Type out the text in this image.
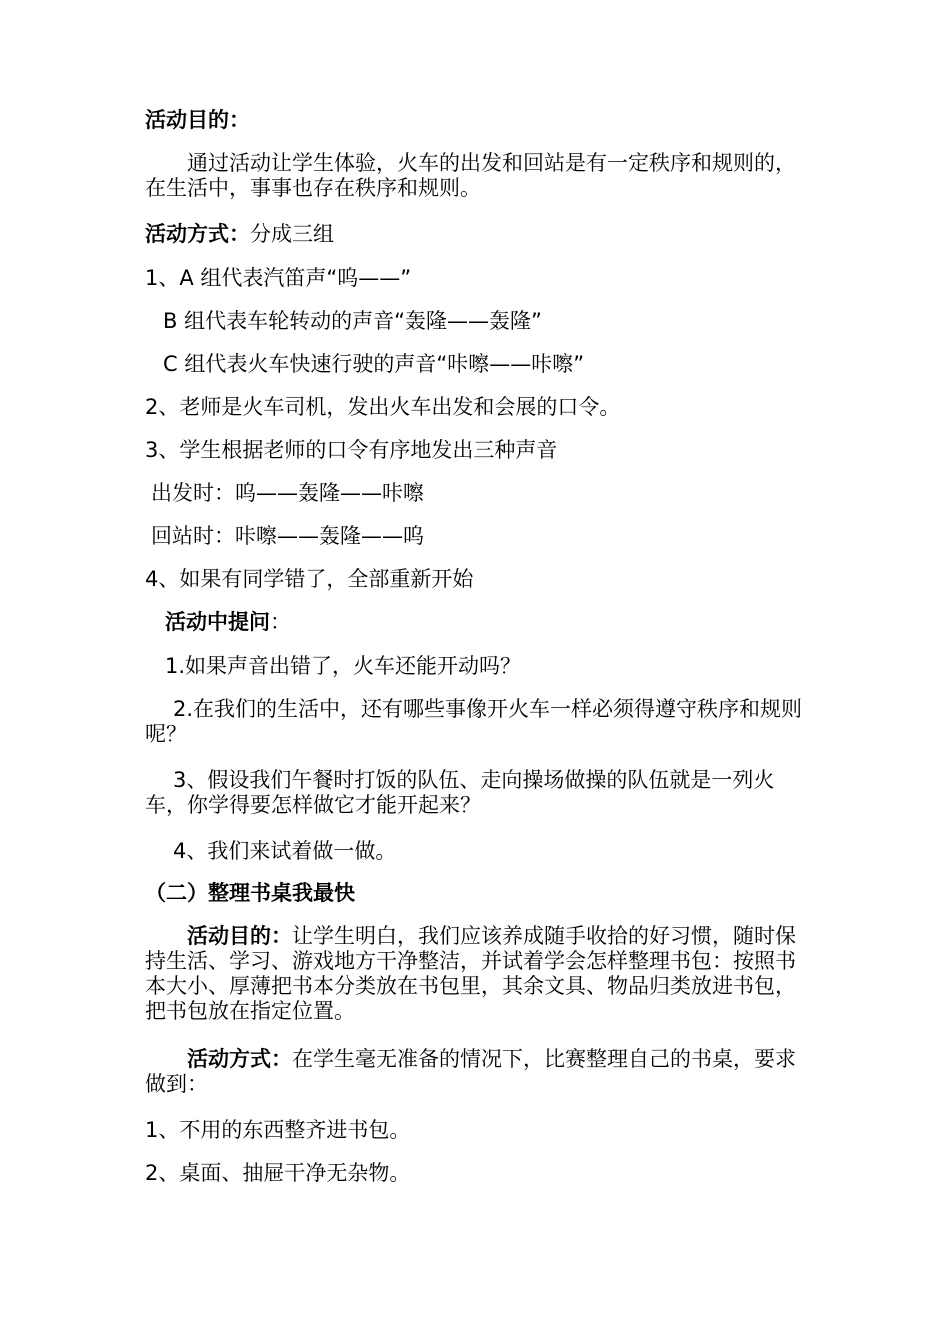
活动目的：
通过活动让学生体验，火车的出发和回站是有一定秩序和规则的，在生活中，事事也存在秩序和规则。
活动方式：分成三组
1、A 组代表汽笛声“呜——”
B 组代表车轮转动的声音“轰隆——轰隆”
C 组代表火车快速行驶的声音“咔嚓——咔嚓”
2、老师是火车司机，发出火车出发和会展的口令。
3、学生根据老师的口令有序地发出三种声音
出发时：呜——轰隆——咔嚓
回站时：咔嚓——轰隆——呜
4、如果有同学错了，全部重新开始
活动中提问：
1.如果声音出错了，火车还能开动吗？
2.在我们的生活中，还有哪些事像开火车一样必须得遵守秩序和规则呢？
3、假设我们午餐时打饭的队伍、走向操场做操的队伍就是一列火车，你学得要怎样做它才能开起来？
4、我们来试着做一做。
（二）整理书桌我最快
活动目的：让学生明白，我们应该养成随手收拾的好习惯，随时保持生活、学习、游戏地方干净整洁，并试着学会怎样整理书包：按照书本大小、厚薄把书本分类放在书包里，其余文具、物品归类放进书包，把书包放在指定位置。
活动方式：在学生毫无准备的情况下，比赛整理自己的书桌，要求做到：
1、不用的东西整齐进书包。
2、桌面、抽屉干净无杂物。
